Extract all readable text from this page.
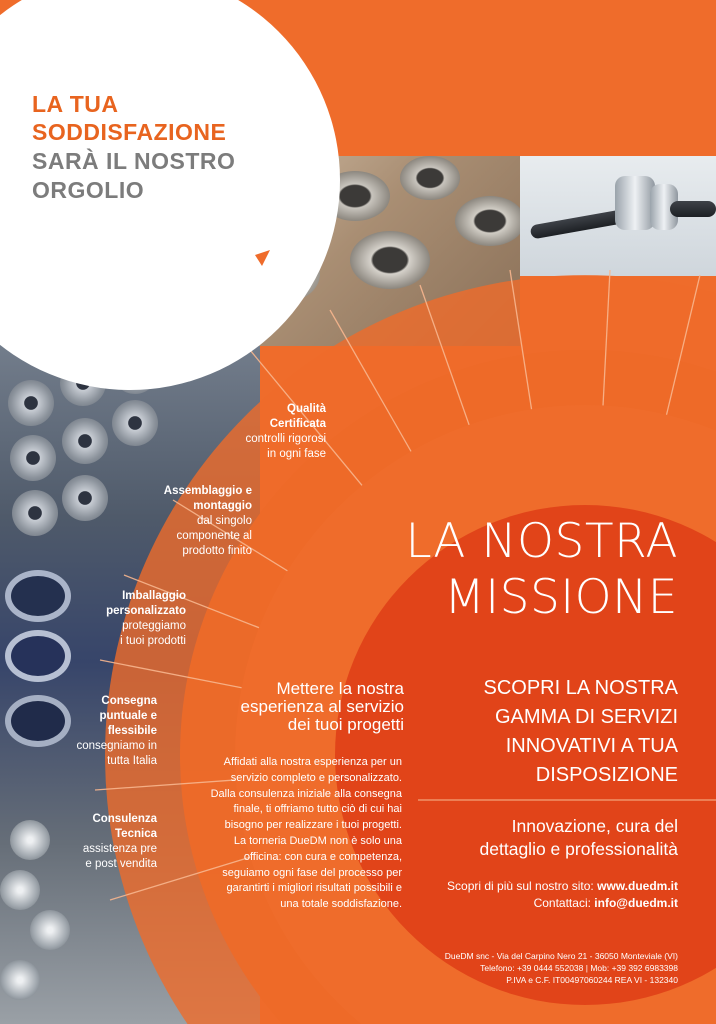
LA TUA
SODDISFAZIONE
SARÀ IL NOSTRO
ORGOLIO
Qualità
Certificata
controlli rigorosi
in ogni fase
Assemblaggio e
montaggio
dal singolo
componente al
prodotto finito
Imballaggio
personalizzato
proteggiamo
i tuoi prodotti
Consegna
puntuale e
flessibile
consegniamo in
tutta Italia
Consulenza
Tecnica
assistenza pre
e post vendita
LA NOSTRA
MISSIONE
Mettere la nostra
esperienza al servizio
dei tuoi progetti
Affidati alla nostra esperienza per un
servizio completo e personalizzato.
Dalla consulenza iniziale alla consegna
finale, ti offriamo tutto ciò di cui hai
bisogno per realizzare i tuoi progetti.
La torneria DueDM non è solo una
officina: con cura e competenza,
seguiamo ogni fase del processo per
garantirti i migliori risultati possibili e
una totale soddisfazione.
SCOPRI LA NOSTRA
GAMMA DI SERVIZI
INNOVATIVI A TUA
DISPOSIZIONE
Innovazione, cura del
dettaglio e professionalità
Scopri di più sul nostro sito: www.duedm.it
Contattaci: info@duedm.it
DueDM snc - Via del Carpino Nero 21 - 36050 Monteviale (VI)
Telefono: +39 0444 552038 | Mob: +39 392 6983398
P.IVA e C.F. IT00497060244 REA VI - 132340
